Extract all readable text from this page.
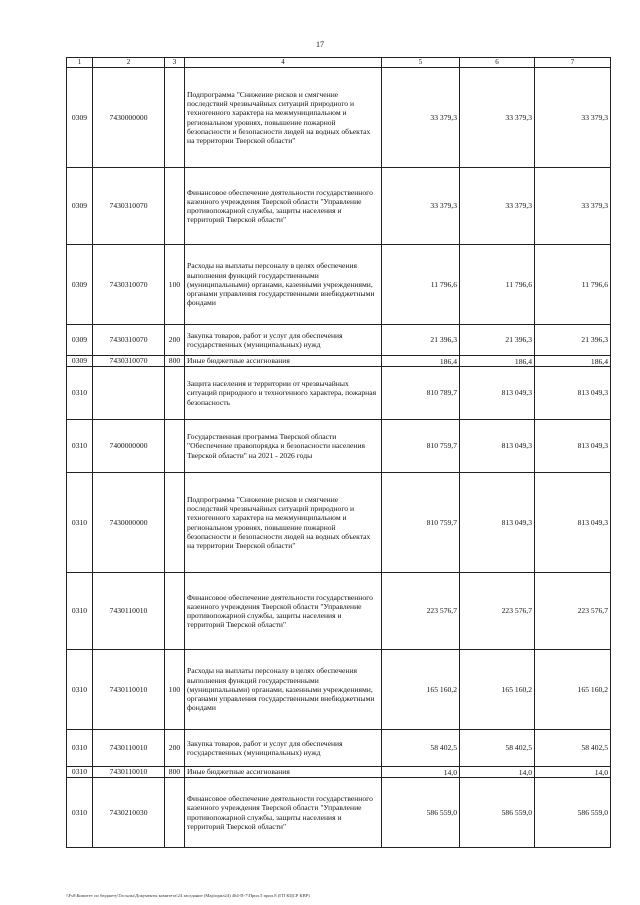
17
1	2	3	4	5	6	7
0309	7430000000		Подпрограмма "Снижение рисков и смягчение последствий чрезвычайных ситуаций природного и техногенного характера на межмуниципальном и региональном уровнях, повышение пожарной безопасности и безопасности людей на водных объектах на территории Тверской области"	33 379,3	33 379,3	33 379,3
0309	7430310070		Финансовое обеспечение деятельности государственного казенного учреждения Тверской области "Управление противопожарной службы, защиты населения и территорий Тверской области"	33 379,3	33 379,3	33 379,3
0309	7430310070	100	Расходы на выплаты персоналу в целях обеспечения выполнения функций государственными (муниципальными) органами, казенными учреждениями, органами управления государственными внебюджетными фондами	11 796,6	11 796,6	11 796,6
0309	7430310070	200	Закупка товаров, работ и услуг для обеспечения государственных (муниципальных) нужд	21 396,3	21 396,3	21 396,3
0309	7430310070	800	Иные бюджетные ассигнования	186,4	186,4	186,4
0310			Защита населения и территории от чрезвычайных ситуаций природного и техногенного характера, пожарная безопасность	810 789,7	813 049,3	813 049,3
0310	7400000000		Государственная программа Тверской области "Обеспечение правопорядка и безопасности населения Тверской области" на 2021 - 2026 годы	810 759,7	813 049,3	813 049,3
0310	7430000000		Подпрограмма "Снижение рисков и смягчение последствий чрезвычайных ситуаций природного и техногенного характера на межмуниципальном и региональном уровнях, повышение пожарной безопасности и безопасности людей на водных объектах на территории Тверской области"	810 759,7	813 049,3	813 049,3
0310	7430110010		Финансовое обеспечение деятельности государственного казенного учреждения Тверской области "Управление противопожарной службы, защиты населения и территорий Тверской области"	223 576,7	223 576,7	223 576,7
0310	7430110010	100	Расходы на выплаты персоналу в целях обеспечения выполнения функций государственными (муниципальными) органами, казенными учреждениями, органами управления государственными внебюджетными фондами	165 160,2	165 160,2	165 160,2
0310	7430110010	200	Закупка товаров, работ и услуг для обеспечения государственных (муниципальных) нужд	58 402,5	58 402,5	58 402,5
0310	7430110010	800	Иные бюджетные ассигнования	14,0	14,0	14,0
0310	7430210030		Финансовое обеспечение деятельности государственного казенного учреждения Тверской области "Управление противопожарной службы, защиты населения и территорий Тверской области"	586 559,0	586 559,0	586 559,0
\\Fs0\Комитет по бюджету\Тосылы\Документы комитета\24 заседание (Мар\прил24) 464-П-7\Прил.5 прил.8 (ГП КЦСР КВР)
